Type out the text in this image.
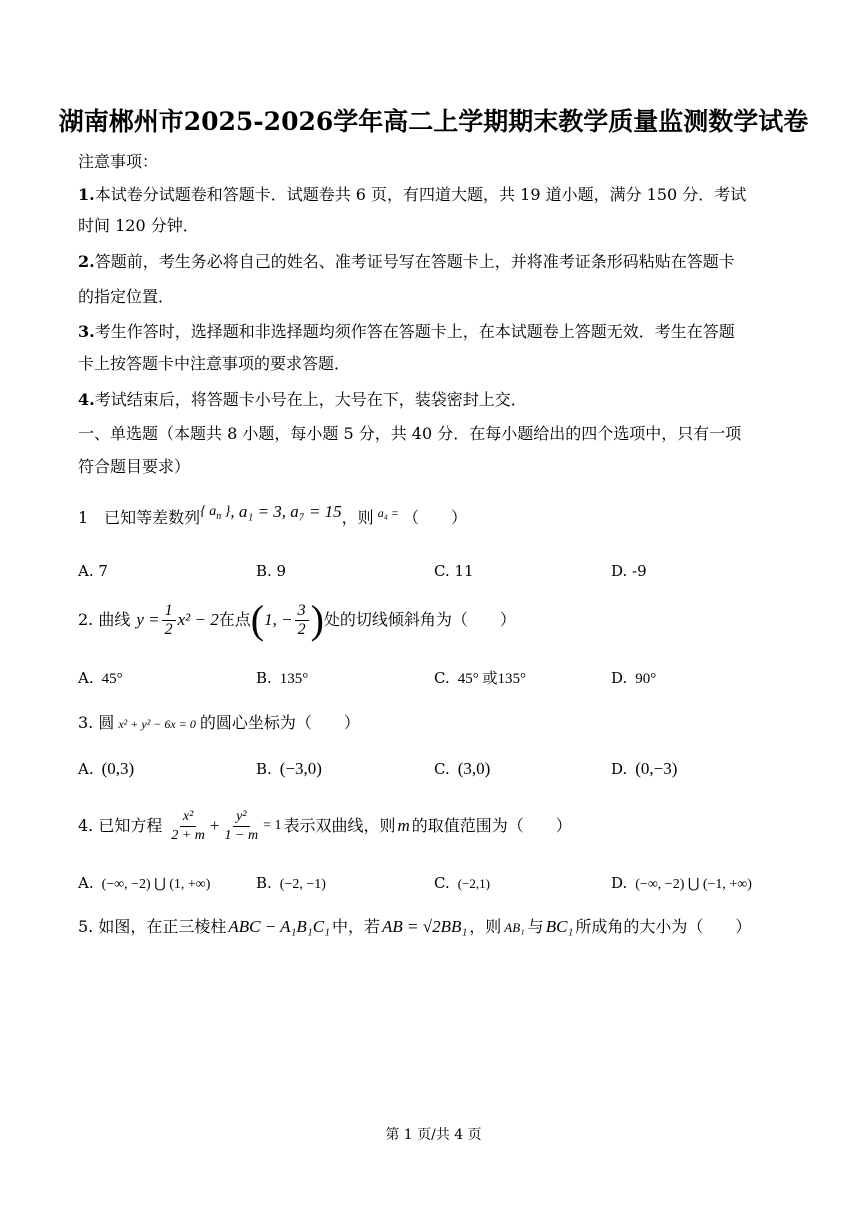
湖南郴州市2025-2026学年高二上学期期末教学质量监测数学试卷
注意事项：
1.本试卷分试题卷和答题卡．试题卷共 6 页，有四道大题，共 19 道小题，满分 150 分．考试
时间 120 分钟．
2.答题前，考生务必将自己的姓名、准考证号写在答题卡上，并将准考证条形码粘贴在答题卡
的指定位置．
3.考生作答时，选择题和非选择题均须作答在答题卡上，在本试题卷上答题无效．考生在答题
卡上按答题卡中注意事项的要求答题．
4.考试结束后，将答题卡小号在上，大号在下，装袋密封上交．
一、单选题（本题共 8 小题，每小题 5 分，共 40 分．在每小题给出的四个选项中，只有一项
符合题目要求）
1　已知等差数列{ $a_n$ }, a₁ = 3, a₇ = 15，则 $^{a_4 =}$ （　　）
A. 7	B. 9	C. 11	D. -9
2. 曲线 $y = \frac{1}{2} x^2 - 2$ 在点 ( 1, − $\frac{3}{2}$ ) 处的切线倾斜角为（　　）
A. 45°	B. 135°	C. 45° 或135°	D. 90°
3. 圆 x² + y² − 6x = 0 的圆心坐标为（　　）
A. (0,3)	B. (−3,0)	C. (3,0)	D. (0,−3)
4. 已知方程 $\frac{\text{x²}}{2 + m} + \frac{\text{y²}}{1 - m} = 1$ 表示双曲线，则 m 的取值范围为（　　）
A. (−∞, −2) ⋃ (1, +∞)	B. (−2, −1)	C. (−2,1)	D. (−∞, −2) ⋃ (−1, +∞)
5. 如图，在正三棱柱 ABC − A₁B₁C₁ 中，若 AB = √2BB₁ ，则 AB₁ 与 BC₁ 所成角的大小为（　　）
第 1 页/共 4 页
